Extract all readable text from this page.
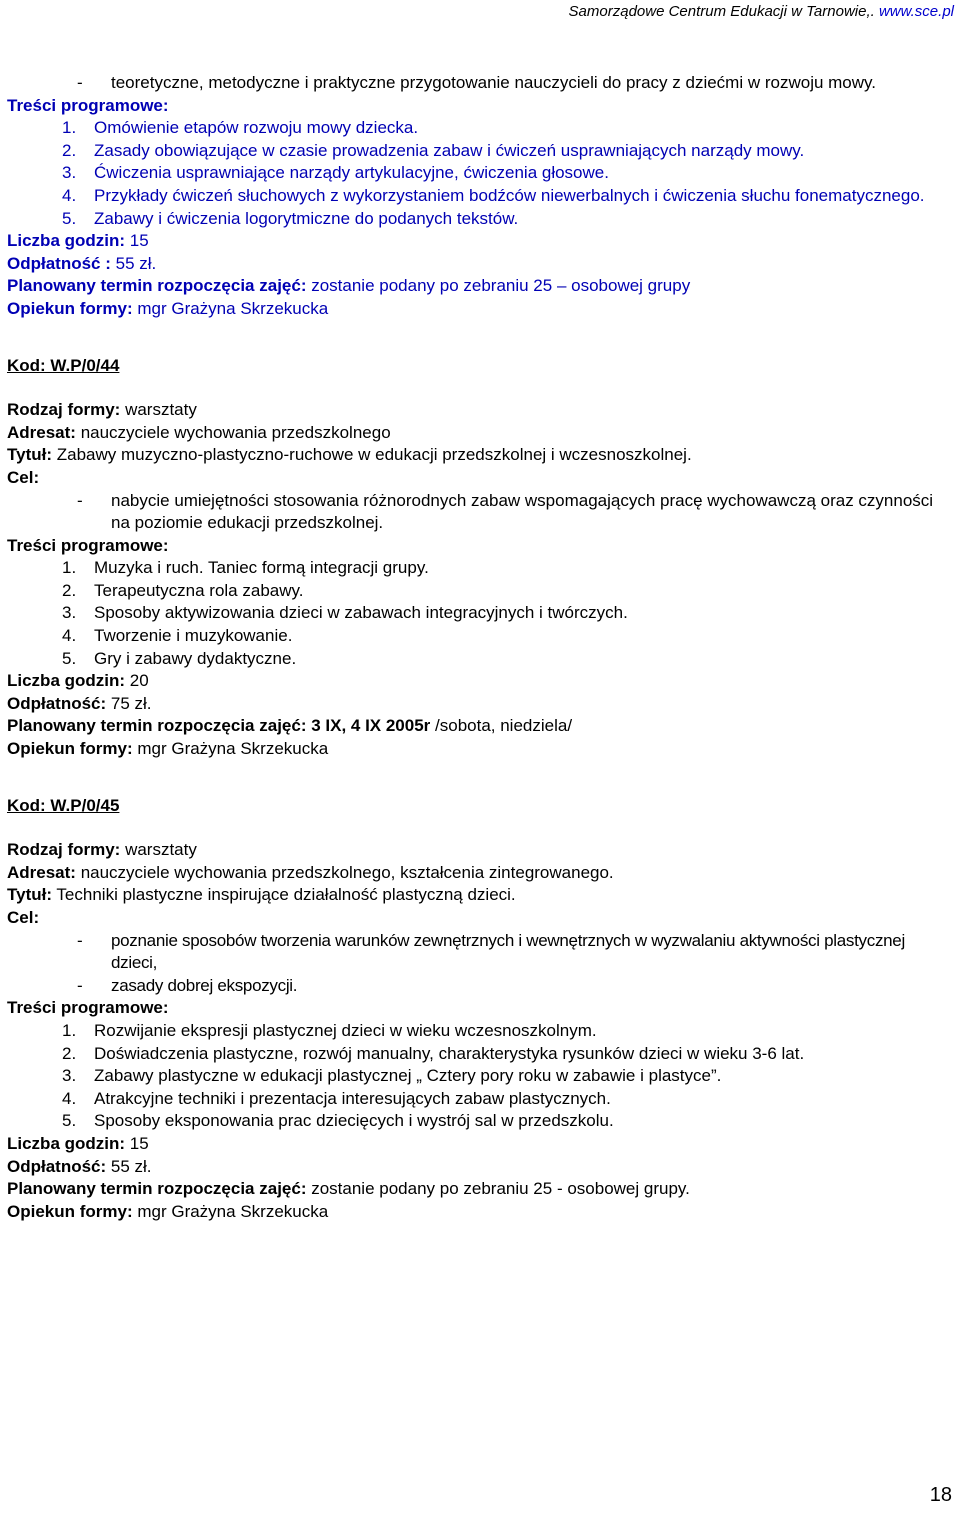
Samorządowe Centrum Edukacji w Tarnowie,. www.sce.pl
- teoretyczne, metodyczne i praktyczne przygotowanie nauczycieli do pracy z dziećmi w rozwoju mowy.
Treści programowe:
1. Omówienie etapów rozwoju mowy dziecka.
2. Zasady obowiązujące w czasie prowadzenia zabaw i ćwiczeń usprawniających narządy mowy.
3. Ćwiczenia usprawniające narządy artykulacyjne, ćwiczenia głosowe.
4. Przykłady ćwiczeń słuchowych z wykorzystaniem bodźców niewerbalnych i ćwiczenia słuchu fonematycznego.
5. Zabawy i ćwiczenia logorytmiczne do podanych tekstów.
Liczba godzin: 15
Odpłatność : 55 zł.
Planowany termin rozpoczęcia zajęć: zostanie podany po zebraniu 25 – osobowej grupy
Opiekun formy: mgr Grażyna Skrzekucka
Kod: W.P/0/44
Rodzaj formy: warsztaty
Adresat: nauczyciele wychowania przedszkolnego
Tytuł: Zabawy muzyczno-plastyczno-ruchowe w edukacji przedszkolnej i wczesnoszkolnej.
Cel:
- nabycie umiejętności stosowania różnorodnych zabaw wspomagających pracę wychowawczą oraz czynności na poziomie edukacji przedszkolnej.
Treści programowe:
1. Muzyka i ruch. Taniec formą integracji grupy.
2. Terapeutyczna rola zabawy.
3. Sposoby aktywizowania dzieci w zabawach integracyjnych i twórczych.
4. Tworzenie i muzykowanie.
5. Gry i zabawy dydaktyczne.
Liczba godzin: 20
Odpłatność: 75 zł.
Planowany termin rozpoczęcia zajęć: 3 IX, 4 IX 2005r /sobota, niedziela/
Opiekun formy: mgr Grażyna Skrzekucka
Kod: W.P/0/45
Rodzaj formy: warsztaty
Adresat: nauczyciele wychowania przedszkolnego, kształcenia zintegrowanego.
Tytuł: Techniki plastyczne inspirujące działalność plastyczną dzieci.
Cel:
- poznanie sposobów tworzenia warunków zewnętrznych i wewnętrznych w wyzwalaniu aktywności plastycznej dzieci,
- zasady dobrej ekspozycji.
Treści programowe:
1. Rozwijanie ekspresji plastycznej dzieci w wieku wczesnoszkolnym.
2. Doświadczenia plastyczne, rozwój manualny, charakterystyka rysunków dzieci w wieku 3-6 lat.
3. Zabawy plastyczne w edukacji plastycznej „ Cztery pory roku w zabawie i plastyce”.
4. Atrakcyjne techniki i prezentacja interesujących zabaw plastycznych.
5. Sposoby eksponowania prac dziecięcych i wystrój sal w przedszkolu.
Liczba godzin: 15
Odpłatność: 55 zł.
Planowany termin rozpoczęcia zajęć: zostanie podany po zebraniu 25 - osobowej grupy.
Opiekun formy: mgr Grażyna Skrzekucka
18
